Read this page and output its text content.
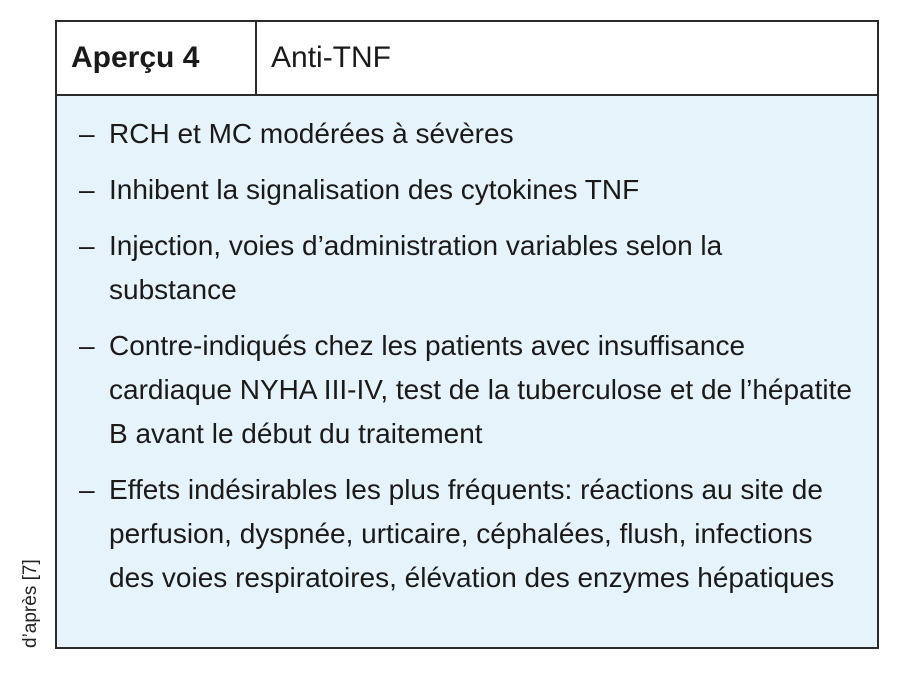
d’après [7]
Aperçu 4	Anti-TNF
– RCH et MC modérées à sévères
– Inhibent la signalisation des cytokines TNF
– Injection, voies d’administration variables selon la substance
– Contre-indiqués chez les patients avec insuffisance cardiaque NYHA III-IV, test de la tuberculose et de l’hépatite B avant le début du traitement
– Effets indésirables les plus fréquents: réactions au site de perfusion, dyspnée, urticaire, céphalées, flush, infections des voies respiratoires, élévation des enzymes hépatiques
